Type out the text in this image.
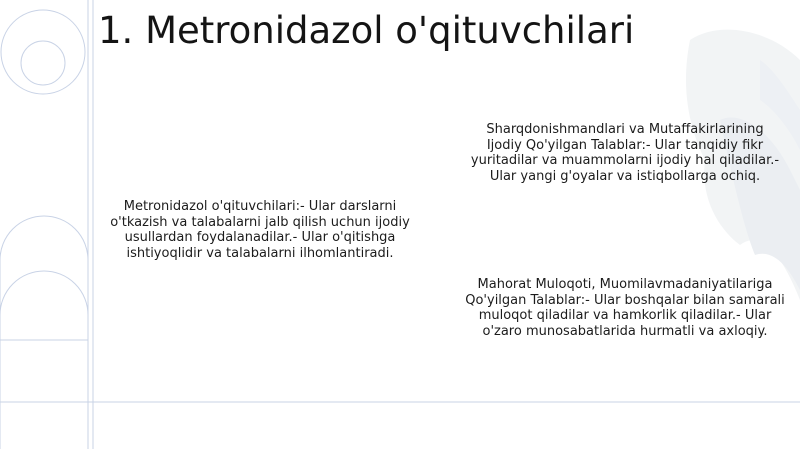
1. Metronidazol o'qituvchilari

Metronidazol o'qituvchilari:- Ular darslarni o'tkazish va talabalarni jalb qilish uchun ijodiy usullardan foydalanadilar.- Ular o'qitishga ishtiyoqlidir va talabalarni ilhomlantiradi.

Sharqdonishmandlari va Mutaffakirlarining Ijodiy Qo'yilgan Talablar:- Ular tanqidiy fikr yuritadilar va muammolarni ijodiy hal qiladilar.- Ular yangi g'oyalar va istiqbollarga ochiq.

Mahorat Muloqoti, Muomilavmadaniyatilariga Qo'yilgan Talablar:- Ular boshqalar bilan samarali muloqot qiladilar va hamkorlik qiladilar.- Ular o'zaro munosabatlarida hurmatli va axloqiy.
